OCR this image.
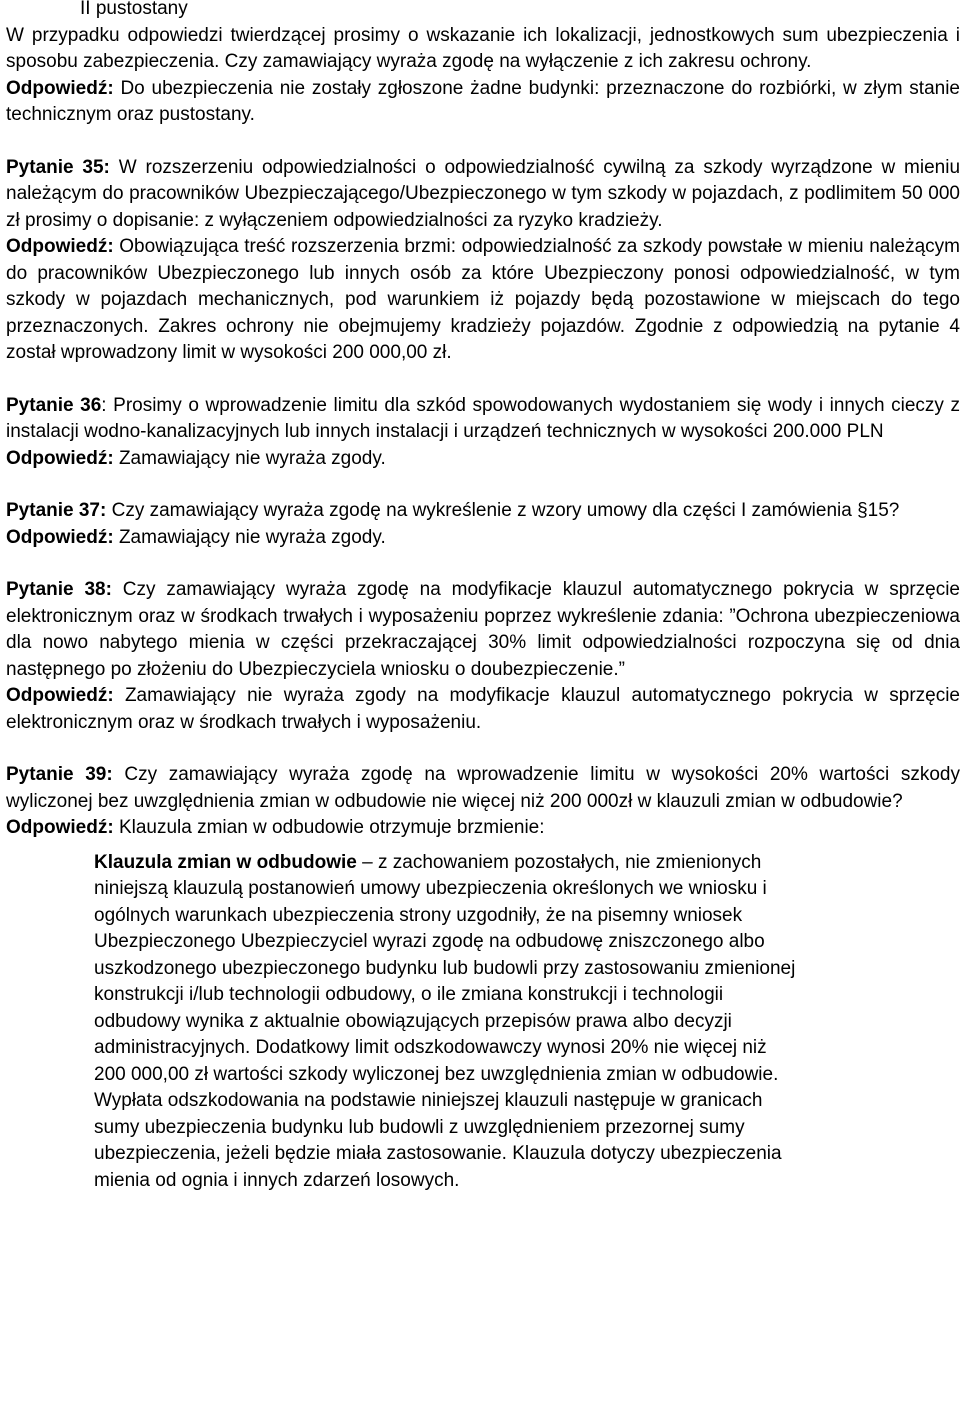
II pustostany

W przypadku odpowiedzi twierdzącej prosimy o wskazanie ich lokalizacji, jednostkowych sum ubezpieczenia i sposobu zabezpieczenia. Czy zamawiający wyraża zgodę na wyłączenie z ich zakresu ochrony.

Odpowiedź: Do ubezpieczenia nie zostały zgłoszone żadne budynki: przeznaczone do rozbiórki, w złym stanie technicznym oraz pustostany.

Pytanie 35: W rozszerzeniu odpowiedzialności o odpowiedzialność cywilną za szkody wyrządzone w mieniu należącym do pracowników Ubezpieczającego/Ubezpieczonego w tym szkody w pojazdach, z podlimitem 50 000 zł prosimy o dopisanie: z wyłączeniem odpowiedzialności za ryzyko kradzieży.

Odpowiedź: Obowiązująca treść rozszerzenia brzmi: odpowiedzialność za szkody powstałe w mieniu należącym do pracowników Ubezpieczonego lub innych osób za które Ubezpieczony ponosi odpowiedzialność, w tym szkody w pojazdach mechanicznych, pod warunkiem iż pojazdy będą pozostawione w miejscach do tego przeznaczonych. Zakres ochrony nie obejmujemy kradzieży pojazdów. Zgodnie z odpowiedzią na pytanie 4 został wprowadzony limit w wysokości 200 000,00 zł.

Pytanie 36: Prosimy o wprowadzenie limitu dla szkód spowodowanych wydostaniem się wody i innych cieczy z instalacji wodno-kanalizacyjnych lub innych instalacji i urządzeń technicznych w wysokości 200.000 PLN

Odpowiedź: Zamawiający nie wyraża zgody.

Pytanie 37: Czy zamawiający wyraża zgodę na wykreślenie z wzory umowy dla części I zamówienia §15?

Odpowiedź: Zamawiający nie wyraża zgody.

Pytanie 38: Czy zamawiający wyraża zgodę na modyfikacje klauzul automatycznego pokrycia w sprzęcie elektronicznym oraz w środkach trwałych i wyposażeniu poprzez wykreślenie zdania: ”Ochrona ubezpieczeniowa dla nowo nabytego mienia w części przekraczającej 30% limit odpowiedzialności rozpoczyna się od dnia następnego po złożeniu do Ubezpieczyciela wniosku o doubezpieczenie.”

Odpowiedź: Zamawiający nie wyraża zgody na modyfikacje klauzul automatycznego pokrycia w sprzęcie elektronicznym oraz w środkach trwałych i wyposażeniu.

Pytanie 39: Czy zamawiający wyraża zgodę na wprowadzenie limitu w wysokości 20% wartości szkody wyliczonej bez uwzględnienia zmian w odbudowie nie więcej niż 200 000zł w klauzuli zmian w odbudowie?

Odpowiedź: Klauzula zmian w odbudowie otrzymuje brzmienie:

Klauzula zmian w odbudowie – z zachowaniem pozostałych, nie zmienionych
niniejszą klauzulą postanowień umowy ubezpieczenia określonych we wniosku i
ogólnych warunkach ubezpieczenia strony uzgodniły, że na pisemny wniosek
Ubezpieczonego Ubezpieczyciel wyrazi zgodę na odbudowę zniszczonego albo
uszkodzonego ubezpieczonego budynku lub budowli przy zastosowaniu zmienionej
konstrukcji i/lub technologii odbudowy, o ile zmiana konstrukcji i technologii
odbudowy wynika z aktualnie obowiązujących przepisów prawa albo decyzji
administracyjnych. Dodatkowy limit odszkodowawczy wynosi 20% nie więcej niż
200 000,00 zł wartości szkody wyliczonej bez uwzględnienia zmian w odbudowie.
Wypłata odszkodowania na podstawie niniejszej klauzuli następuje w granicach
sumy ubezpieczenia budynku lub budowli z uwzględnieniem przezornej sumy
ubezpieczenia, jeżeli będzie miała zastosowanie. Klauzula dotyczy ubezpieczenia
mienia od ognia i innych zdarzeń losowych.
